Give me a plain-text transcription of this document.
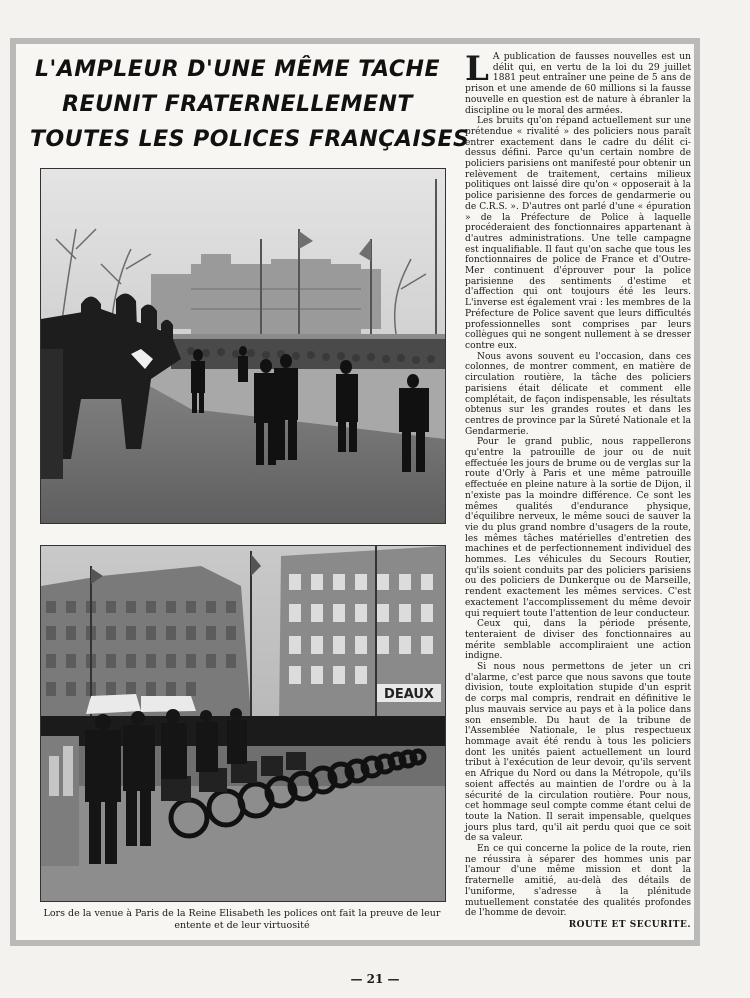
L'AMPLEUR D'UNE MÊME TACHE
REUNIT FRATERNELLEMENT
TOUTES LES POLICES FRANÇAISES
DEAUX
Lors de la venue à Paris de la Reine Elisabeth les polices ont fait la preuve de leur entente et de leur virtuosité

L A publication de fausses nouvelles est un délit qui, en vertu de la loi du 29 juillet 1881 peut entraîner une peine de 5 ans de prison et une amende de 60 millions si la fausse nouvelle en question est de nature à ébranler la discipline ou le moral des armées.

Les bruits qu'on répand actuellement sur une prétendue « rivalité » des policiers nous paraît entrer exactement dans le cadre du délit ci-dessus défini. Parce qu'un certain nombre de policiers parisiens ont manifesté pour obtenir un relèvement de traitement, certains milieux politiques ont laissé dire qu'on « opposerait à la police parisienne des forces de gendarmerie ou de C.R.S. ». D'autres ont parlé d'une « épuration » de la Préfecture de Police à laquelle procéderaient des fonctionnaires appartenant à d'autres administrations. Une telle campagne est inqualifiable. Il faut qu'on sache que tous les fonctionnaires de police de France et d'Outre-Mer continuent d'éprouver pour la police parisienne des sentiments d'estime et d'affection qui ont toujours été les leurs. L'inverse est également vrai : les membres de la Préfecture de Police savent que leurs difficultés professionnelles sont comprises par leurs collègues qui ne songent nullement à se dresser contre eux.

Nous avons souvent eu l'occasion, dans ces colonnes, de montrer comment, en matière de circulation routière, la tâche des policiers parisiens était délicate et comment elle complétait, de façon indispensable, les résultats obtenus sur les grandes routes et dans les centres de province par la Sûreté Nationale et la Gendarmerie.

Pour le grand public, nous rappellerons qu'entre la patrouille de jour ou de nuit effectuée les jours de brume ou de verglas sur la route d'Orly à Paris et une même patrouille effectuée en pleine nature à la sortie de Dijon, il n'existe pas la moindre différence. Ce sont les mêmes qualités d'endurance physique, d'équilibre nerveux, le même souci de sauver la vie du plus grand nombre d'usagers de la route, les mêmes tâches matérielles d'entretien des machines et de perfectionnement individuel des hommes. Les véhicules du Secours Routier, qu'ils soient conduits par des policiers parisiens ou des policiers de Dunkerque ou de Marseille, rendent exactement les mêmes services. C'est exactement l'accomplissement du même devoir qui requiert toute l'attention de leur conducteur.

Ceux qui, dans la période présente, tenteraient de diviser des fonctionnaires au mérite semblable accompliraient une action indigne.

Si nous nous permettons de jeter un cri d'alarme, c'est parce que nous savons que toute division, toute exploitation stupide d'un esprit de corps mal compris, rendrait en définitive le plus mauvais service au pays et à la police dans son ensemble. Du haut de la tribune de l'Assemblée Nationale, le plus respectueux hommage avait été rendu à tous les policiers dont les unités paient actuellement un lourd tribut à l'exécution de leur devoir, qu'ils servent en Afrique du Nord ou dans la Métropole, qu'ils soient affectés au maintien de l'ordre ou à la sécurité de la circulation routière. Pour nous, cet hommage seul compte comme étant celui de toute la Nation. Il serait impensable, quelques jours plus tard, qu'il ait perdu quoi que ce soit de sa valeur.

En ce qui concerne la police de la route, rien ne réussira à séparer des hommes unis par l'amour d'une même mission et dont la fraternelle amitié, au-delà des détails de l'uniforme, s'adresse à la plénitude mutuellement constatée des qualités profondes de l'homme de devoir.

ROUTE ET SECURITE.
— 21 —
